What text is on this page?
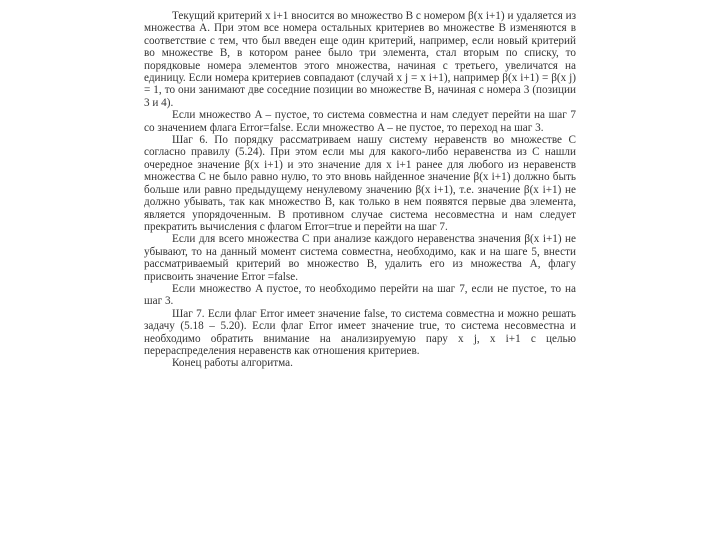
Текущий критерий x i+1 вносится во множество B с номером β(x i+1) и удаляется из множества A. При этом все номера остальных критериев во множестве B изменяются в соответствие с тем, что был введен еще один критерий, например, если новый критерий во множестве B, в котором ранее было три элемента, стал вторым по списку, то порядковые номера элементов этого множества, начиная с третьего, увеличатся на единицу. Если номера критериев совпадают (случай x j = x i+1), например β(x i+1) = β(x j) = 1, то они занимают две соседние позиции во множестве B, начиная с номера 3 (позиции 3 и 4).

Если множество A – пустое, то система совместна и нам следует перейти на шаг 7 со значением флага Error=false. Если множество A – не пустое, то переход на шаг 3.

Шаг 6. По порядку рассматриваем нашу систему неравенств во множестве C согласно правилу (5.24). При этом если мы для какого-либо неравенства из C нашли очередное значение β(x i+1) и это значение для x i+1 ранее для любого из неравенств множества C не было равно нулю, то это вновь найденное значение β(x i+1) должно быть больше или равно предыдущему ненулевому значению β(x i+1), т.е. значение β(x i+1) не должно убывать, так как множество B, как только в нем появятся первые два элемента, является упорядоченным. В противном случае система несовместна и нам следует прекратить вычисления с флагом Error=true и перейти на шаг 7.

Если для всего множества C при анализе каждого неравенства значения β(x i+1) не убывают, то на данный момент система совместна, необходимо, как и на шаге 5, внести рассматриваемый критерий во множество B, удалить его из множества A, флагу присвоить значение Error =false.

Если множество A пустое, то необходимо перейти на шаг 7, если не пустое, то на шаг 3.

Шаг 7. Если флаг Error имеет значение false, то система совместна и можно решать задачу (5.18 – 5.20). Если флаг Error имеет значение true, то система несовместна и необходимо обратить внимание на анализируемую пару x j, x i+1 с целью перераспределения неравенств как отношения критериев.

Конец работы алгоритма.
